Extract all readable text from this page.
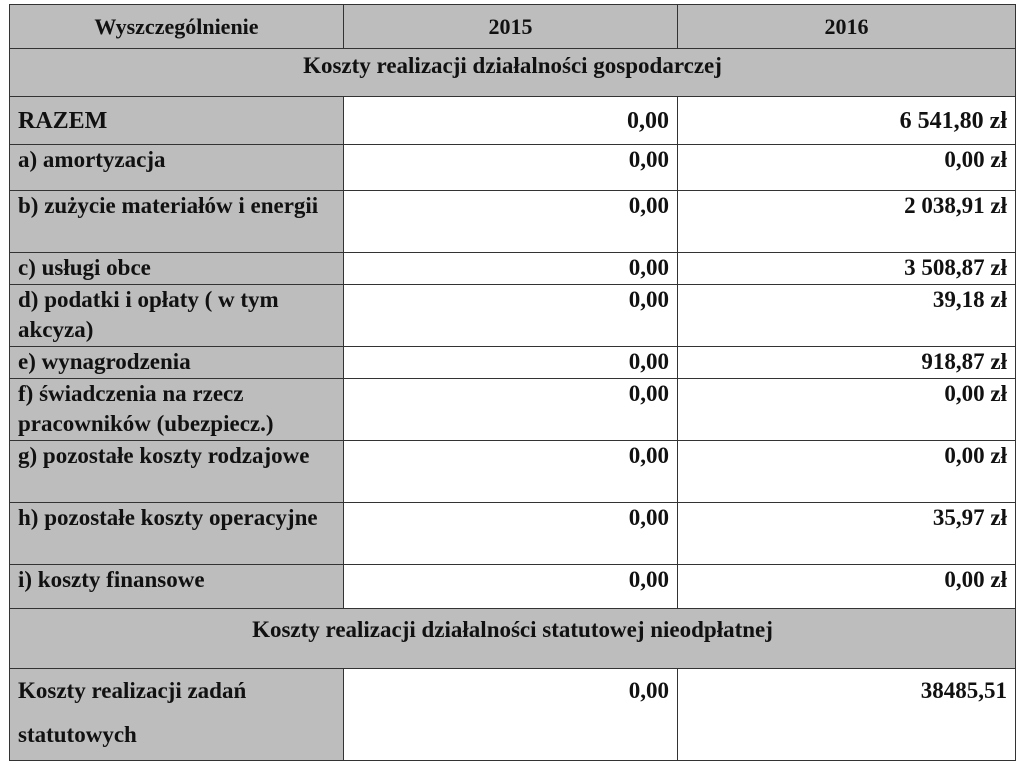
Wyszczególnienie	2015	2016
Koszty realizacji działalności gospodarczej		
RAZEM	0,00	6 541,80 zł
a) amortyzacja	0,00	0,00 zł
b) zużycie materiałów i energii	0,00	2 038,91 zł
c) usługi obce	0,00	3 508,87 zł
d) podatki i opłaty ( w tym akcyza)	0,00	39,18 zł
e) wynagrodzenia	0,00	918,87 zł
f) świadczenia na rzecz pracowników (ubezpiecz.)	0,00	0,00 zł
g) pozostałe koszty rodzajowe	0,00	0,00 zł
h) pozostałe koszty operacyjne	0,00	35,97 zł
i) koszty finansowe	0,00	0,00 zł
Koszty realizacji działalności statutowej nieodpłatnej		
Koszty realizacji zadań statutowych	0,00	38485,51
